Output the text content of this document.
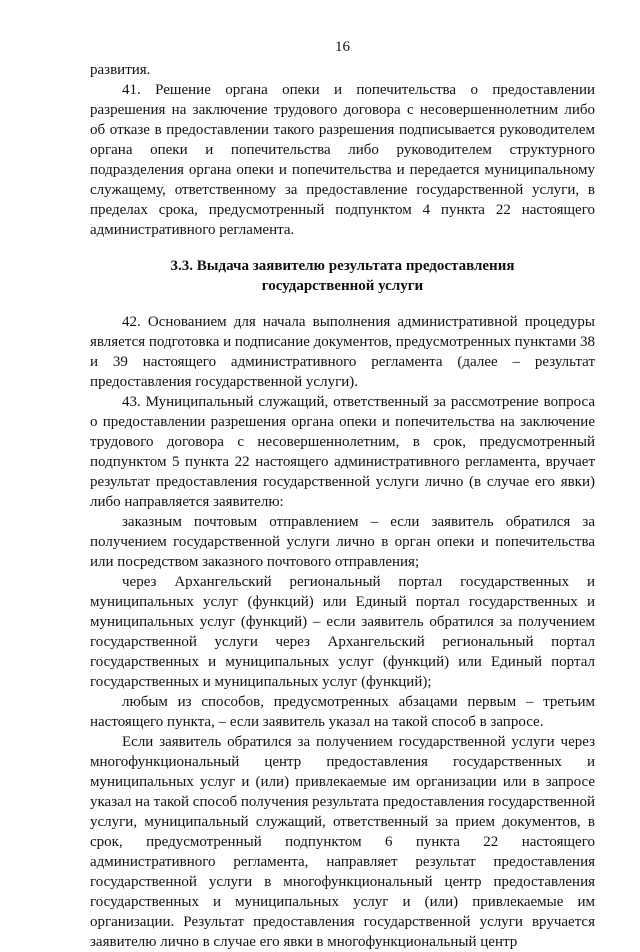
16

развития.

41. Решение органа опеки и попечительства о предоставлении разрешения на заключение трудового договора с несовершеннолетним либо об отказе в предоставлении такого разрешения подписывается руководителем органа опеки и попечительства либо руководителем структурного подразделения органа опеки и попечительства и передается муниципальному служащему, ответственному за предоставление государственной услуги, в пределах срока, предусмотренный подпунктом 4 пункта 22 настоящего административного регламента.

3.3. Выдача заявителю результата предоставления
государственной услуги

42. Основанием для начала выполнения административной процедуры является подготовка и подписание документов, предусмотренных пунктами 38 и 39 настоящего административного регламента (далее – результат предоставления государственной услуги).

43. Муниципальный служащий, ответственный за рассмотрение вопроса о предоставлении разрешения органа опеки и попечительства на заключение трудового договора с несовершеннолетним, в срок, предусмотренный подпунктом 5 пункта 22 настоящего административного регламента, вручает результат предоставления государственной услуги лично (в случае его явки) либо направляется заявителю:

заказным почтовым отправлением – если заявитель обратился за получением государственной услуги лично в орган опеки и попечительства или посредством заказного почтового отправления;

через Архангельский региональный портал государственных и муниципальных услуг (функций) или Единый портал государственных и муниципальных услуг (функций) – если заявитель обратился за получением государственной услуги через Архангельский региональный портал государственных и муниципальных услуг (функций) или Единый портал государственных и муниципальных услуг (функций);

любым из способов, предусмотренных абзацами первым – третьим настоящего пункта, – если заявитель указал на такой способ в запросе.

Если заявитель обратился за получением государственной услуги через многофункциональный центр предоставления государственных и муниципальных услуг и (или) привлекаемые им организации или в запросе указал на такой способ получения результата предоставления государственной услуги, муниципальный служащий, ответственный за прием документов, в срок, предусмотренный подпунктом 6 пункта 22 настоящего административного регламента, направляет результат предоставления государственной услуги в многофункциональный центр предоставления государственных и муниципальных услуг и (или) привлекаемые им организации. Результат предоставления государственной услуги вручается заявителю лично в случае его явки в многофункциональный центр
